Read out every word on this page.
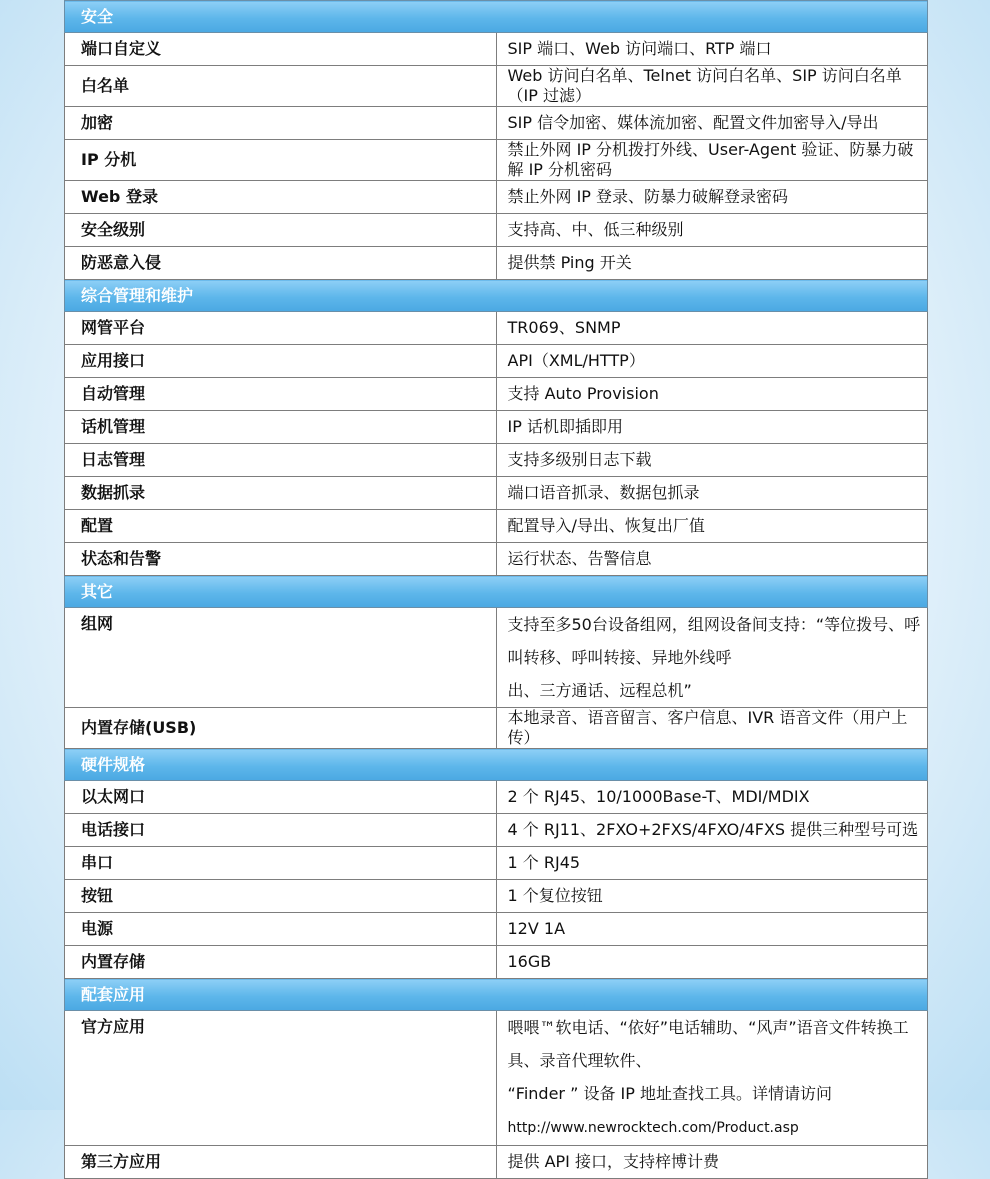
安全	
端口自定义	SIP 端口、Web 访问端口、RTP 端口
白名单	Web 访问白名单、Telnet 访问白名单、SIP 访问白名单（IP 过滤）
加密	SIP 信令加密、媒体流加密、配置文件加密导入/导出
IP 分机	禁止外网 IP 分机拨打外线、User-Agent 验证、防暴力破解 IP 分机密码
Web 登录	禁止外网 IP 登录、防暴力破解登录密码
安全级别	支持高、中、低三种级别
防恶意入侵	提供禁 Ping 开关
综合管理和维护	
网管平台	TR069、SNMP
应用接口	API（XML/HTTP）
自动管理	支持 Auto Provision
话机管理	IP 话机即插即用
日志管理	支持多级别日志下载
数据抓录	端口语音抓录、数据包抓录
配置	配置导入/导出、恢复出厂值
状态和告警	运行状态、告警信息
其它	
组网	支持至多50台设备组网，组网设备间支持：“等位拨号、呼叫转移、呼叫转接、异地外线呼
出、三方通话、远程总机”
内置存储(USB)	本地录音、语音留言、客户信息、IVR 语音文件（用户上传）
硬件规格	
以太网口	2 个 RJ45、10/1000Base-T、MDI/MDIX
电话接口	4 个 RJ11、2FXO+2FXS/4FXO/4FXS 提供三种型号可选
串口	1 个 RJ45
按钮	1 个复位按钮
电源	12V 1A
内置存储	16GB
配套应用	
官方应用	喂喂™软电话、“依好”电话辅助、“风声”语音文件转换工具、录音代理软件、
“Finder ” 设备 IP 地址查找工具。详情请访问 http://www.newrocktech.com/Product.asp
第三方应用	提供 API 接口，支持梓博计费
